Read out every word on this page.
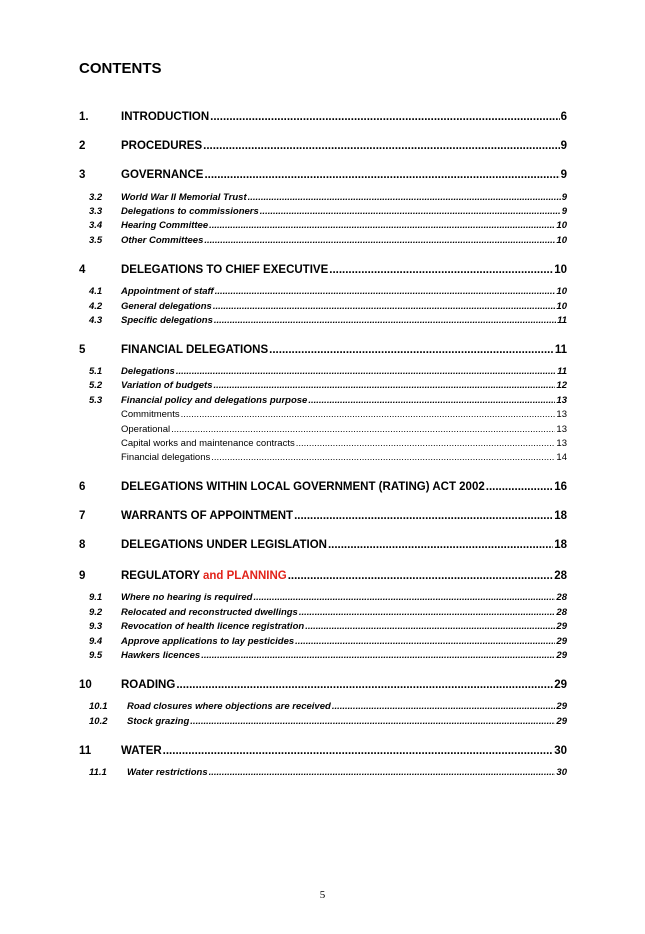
CONTENTS
1.	INTRODUCTION .....	6
2	PROCEDURES .....	9
3	GOVERNANCE .....	9
3.2 World War II Memorial Trust .....	9
3.3 Delegations to commissioners .....	9
3.4 Hearing Committee .....	10
3.5 Other Committees .....	10
4	DELEGATIONS TO CHIEF EXECUTIVE .....	10
4.1 Appointment of staff .....	10
4.2 General delegations .....	10
4.3 Specific delegations .....	11
5	FINANCIAL DELEGATIONS .....	11
5.1 Delegations .....	11
5.2 Variation of budgets .....	12
5.3 Financial policy and delegations purpose .....	13
Commitments .....	13
Operational .....	13
Capital works and maintenance contracts .....	13
Financial delegations .....	14
6	DELEGATIONS WITHIN LOCAL GOVERNMENT (RATING) ACT 2002 .....	16
7	WARRANTS OF APPOINTMENT .....	18
8	DELEGATIONS UNDER LEGISLATION .....	18
9	REGULATORY and PLANNING .....	28
9.1 Where no hearing is required .....	28
9.2 Relocated and reconstructed dwellings .....	28
9.3 Revocation of health licence registration .....	29
9.4 Approve applications to lay pesticides .....	29
9.5 Hawkers licences .....	29
10	ROADING .....	29
10.1 Road closures where objections are received .....	29
10.2 Stock grazing .....	29
11	WATER .....	30
11.1 Water restrictions .....	30
5
